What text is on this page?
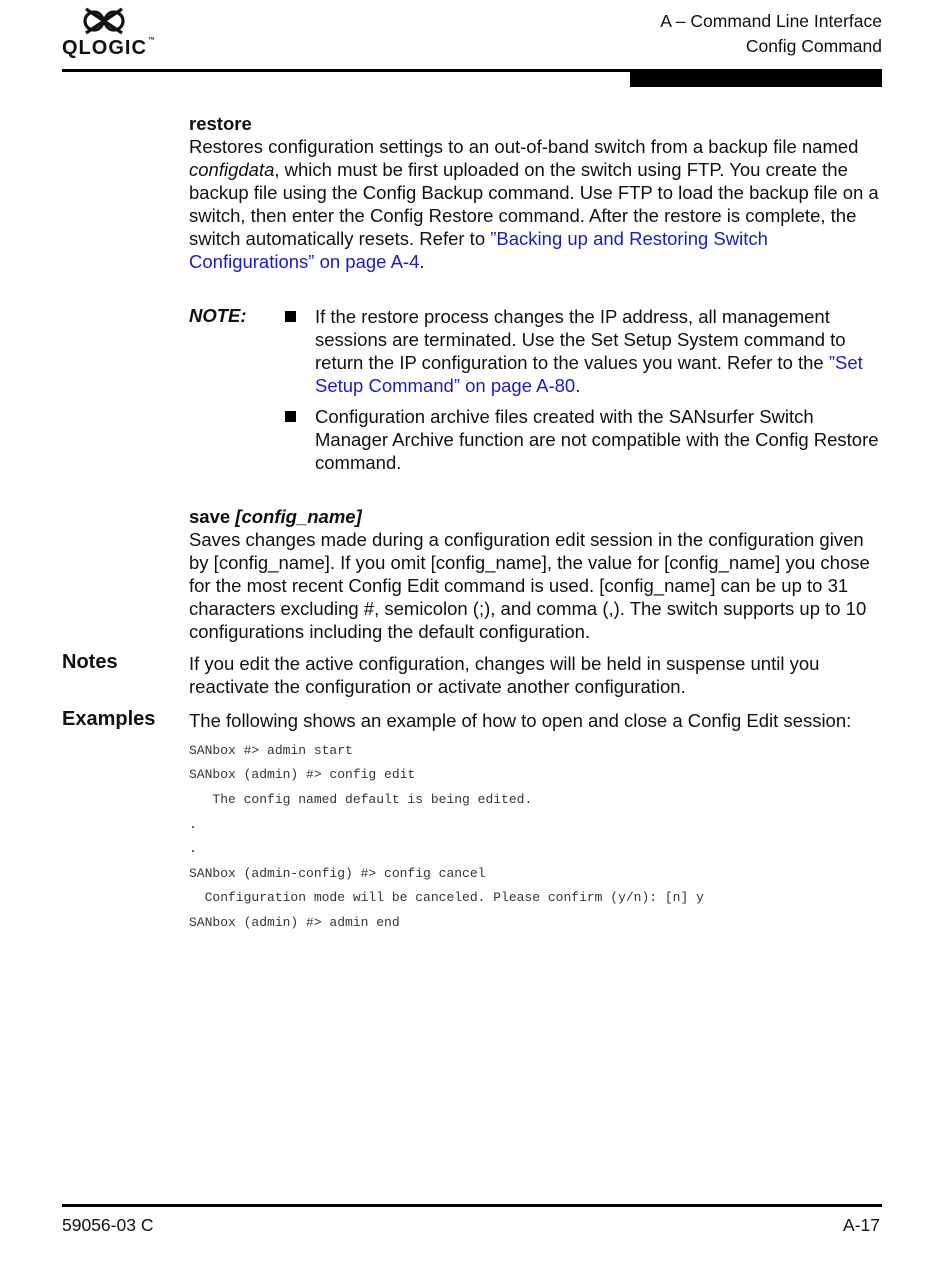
QLOGIC™
A – Command Line Interface
Config Command
restore

Restores configuration settings to an out-of-band switch from a backup file named configdata, which must be first uploaded on the switch using FTP. You create the backup file using the Config Backup command. Use FTP to load the backup file on a switch, then enter the Config Restore command. After the restore is complete, the switch automatically resets. Refer to ”Backing up and Restoring Switch Configurations” on page A-4.

NOTE:	If the restore process changes the IP address, all management sessions are terminated. Use the Set Setup System command to return the IP configuration to the values you want. Refer to the ”Set Setup Command” on page A-80.
Configuration archive files created with the SANsurfer Switch Manager Archive function are not compatible with the Config Restore command.
save [config_name]

Saves changes made during a configuration edit session in the configuration given by [config_name]. If you omit [config_name], the value for [config_name] you chose for the most recent Config Edit command is used. [config_name] can be up to 31 characters excluding #, semicolon (;), and comma (,). The switch supports up to 10 configurations including the default configuration.

Notes	If you edit the active configuration, changes will be held in suspense until you reactivate the configuration or activate another configuration.
Examples The following shows an example of how to open and close a Config Edit session:
SANbox #> admin start
SANbox (admin) #> config edit
The config named default is being edited.
.
.
SANbox (admin-config) #> config cancel
Configuration mode will be canceled. Please confirm (y/n): [n] y
SANbox (admin) #> admin end
59056-03 C	A-17
